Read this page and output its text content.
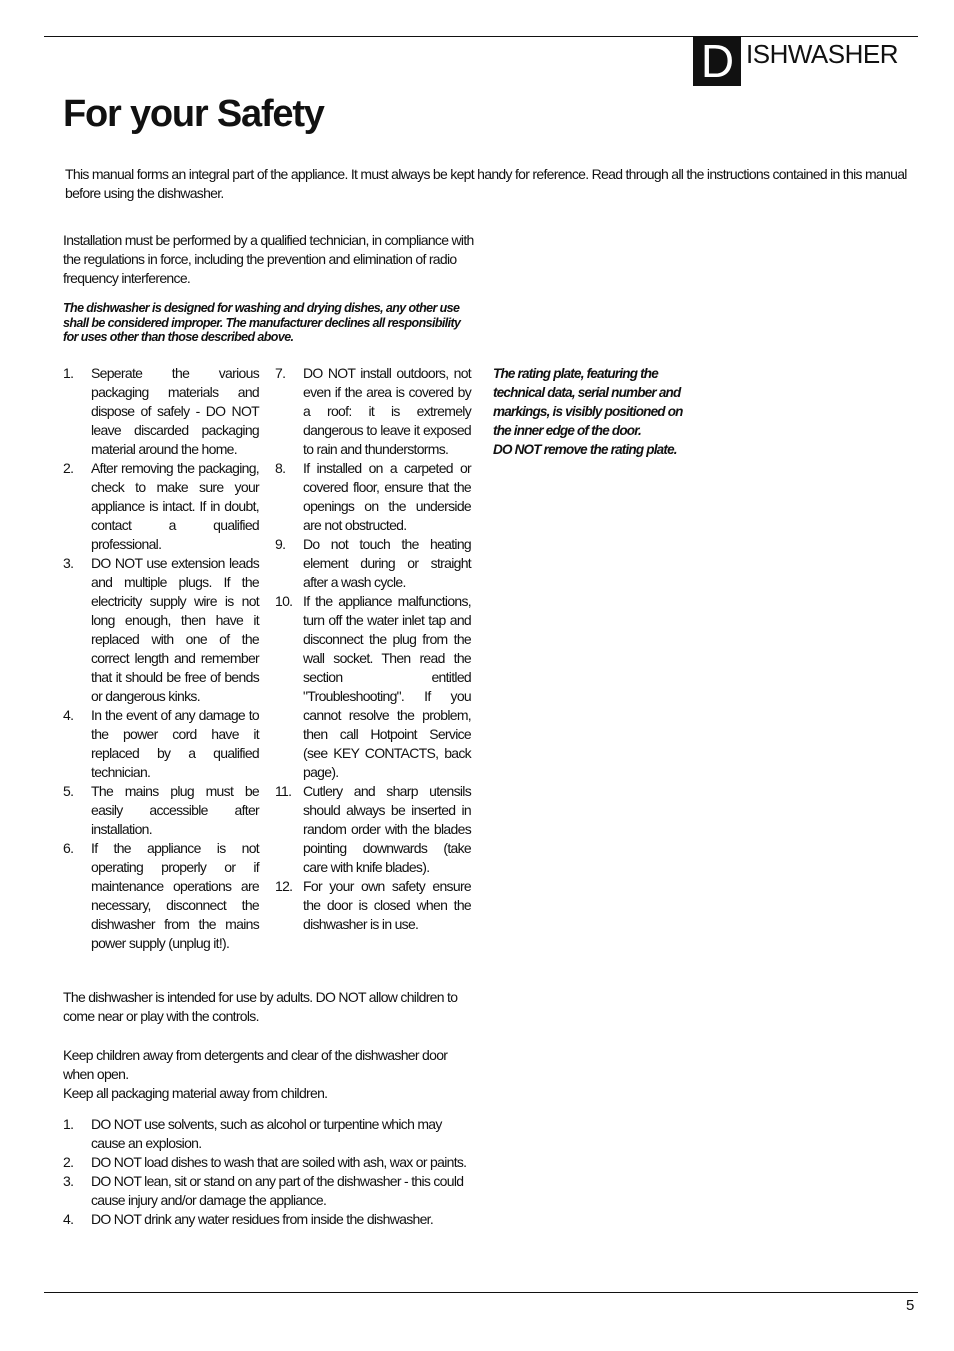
D ISHWASHER
For your Safety

This manual forms an integral part of the appliance. It must always be kept handy for reference. Read through all the instructions contained in this manual before using the dishwasher.

Installation must be performed by a qualified technician, in compliance with the regulations in force, including the prevention and elimination of radio frequency interference.

The dishwasher is designed for washing and drying dishes, any other use shall be considered improper. The manufacturer declines all responsibility for uses other than those described above.

1. Seperate the various packaging materials and dispose of safely - DO NOT leave discarded packaging material around the home.
2. After removing the packaging, check to make sure your appliance is intact. If in doubt, contact a qualified professional.
3. DO NOT use extension leads and multiple plugs. If the electricity supply wire is not long enough, then have it replaced with one of the correct length and remember that it should be free of bends or dangerous kinks.
4. In the event of any damage to the power cord have it replaced by a qualified technician.
5. The mains plug must be easily accessible after installation.
6. If the appliance is not operating properly or if maintenance operations are necessary, disconnect the dishwasher from the mains power supply (unplug it!).
7. DO NOT install outdoors, not even if the area is covered by a roof: it is extremely dangerous to leave it exposed to rain and thunderstorms.
8. If installed on a carpeted or covered floor, ensure that the openings on the underside are not obstructed.
9. Do not touch the heating element during or straight after a wash cycle.
10. If the appliance malfunctions, turn off the water inlet tap and disconnect the plug from the wall socket. Then read the section entitled "Troubleshooting". If you cannot resolve the problem, then call Hotpoint Service (see KEY CONTACTS, back page).
11. Cutlery and sharp utensils should always be inserted in random order with the blades pointing downwards (take care with knife blades).
12. For your own safety ensure the door is closed when the dishwasher is in use.

The rating plate, featuring the technical data, serial number and markings, is visibly positioned on the inner edge of the door.

DO NOT remove the rating plate.

The dishwasher is intended for use by adults. DO NOT allow children to come near or play with the controls.

Keep children away from detergents and clear of the dishwasher door when open.

Keep all packaging material away from children.

1. DO NOT use solvents, such as alcohol or turpentine which may cause an explosion.
2. DO NOT load dishes to wash that are soiled with ash, wax or paints.
3. DO NOT lean, sit or stand on any part of the dishwasher - this could cause injury and/or damage the appliance.
4. DO NOT drink any water residues from inside the dishwasher.
5
